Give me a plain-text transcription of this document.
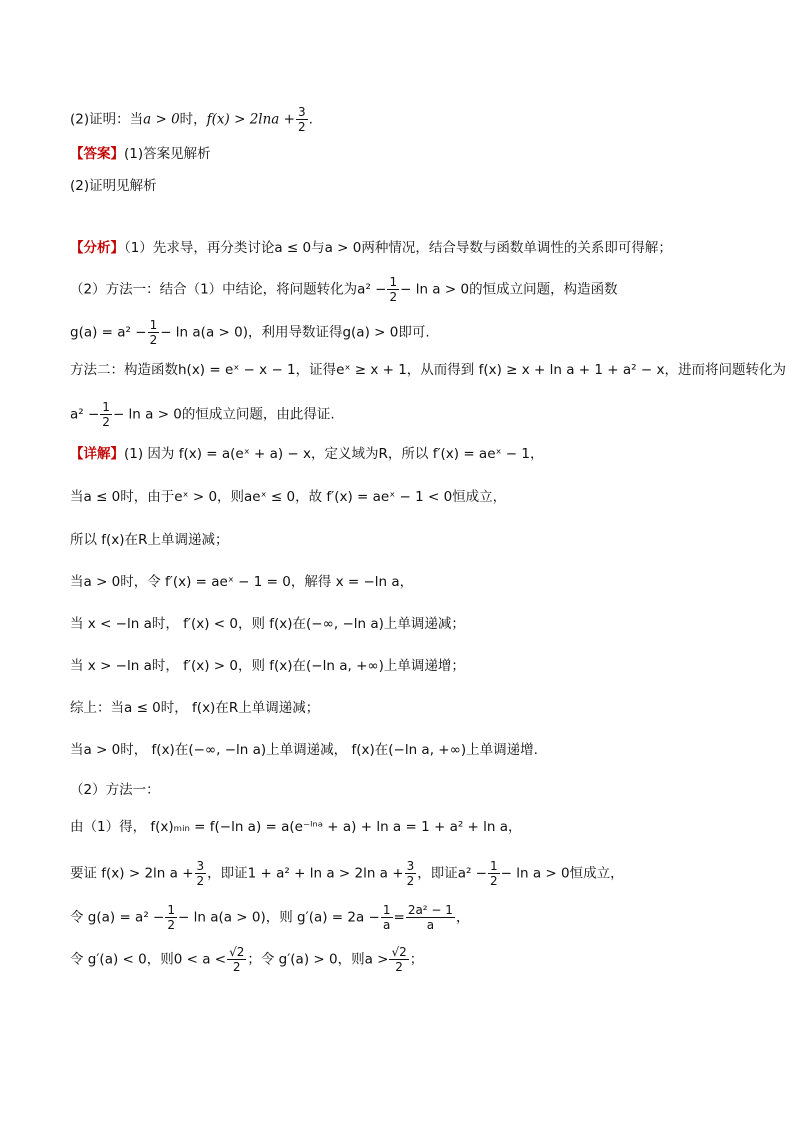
(2)证明：当a > 0时，$f(x) > 2\ln a + \frac{3}{2}$ .
【答案】(1)答案见解析
(2)证明见解析
【分析】（1）先求导，再分类讨论a ≤ 0与a > 0两种情况，结合导数与函数单调性的关系即可得解；
（2）方法一：结合（1）中结论，将问题转化为$a^2 - \frac{1}{2} - \ln a > 0$的恒成立问题，构造函数
$g(a) = a^2 - \frac{1}{2} - \ln a(a > 0)$，利用导数证得g(a) > 0即可.
方法二：构造函数h(x) = eˣ − x − 1，证得eˣ ≥ x + 1，从而得到 f(x) ≥ x + ln a + 1 + a² − x，进而将问题转化为
$a^2 - \frac{1}{2} - \ln a > 0$的恒成立问题，由此得证.
【详解】(1) 因为 f(x) = a(eˣ + a) − x，定义域为R，所以 f′(x) = aeˣ − 1，
当a ≤ 0时，由于eˣ > 0，则aeˣ ≤ 0，故 f′(x) = aeˣ − 1 < 0恒成立，
所以 f(x)在R上单调递减；
当a > 0时，令 f′(x) = aeˣ − 1 = 0，解得 x = −ln a，
当 x < −ln a时， f′(x) < 0，则 f(x)在(−∞, −ln a)上单调递减；
当 x > −ln a时， f′(x) > 0，则 f(x)在(−ln a, +∞)上单调递增；
综上：当a ≤ 0时， f(x)在R上单调递减；
当a > 0时， f(x)在(−∞, −ln a)上单调递减， f(x)在(−ln a, +∞)上单调递增.
（2）方法一：
由（1）得， f(x)ₘᵢₙ = f(−ln a) = a(e⁻ˡⁿᵃ + a) + ln a = 1 + a² + ln a，
要证 f(x) > 2ln $a + \frac{3}{2}$ ，即证1 + a² + ln a > 2ln $a + \frac{3}{2}$ ，即证$a^2 - \frac{1}{2} - \ln a > 0$恒成立，
令 $g(a) = a^2 - \frac{1}{2} - \ln a(a > 0)$，则 $g'(a) = 2a - \frac{1}{a} = \frac{\text{2a² − 1}}{a}$ ，
令 g′(a) < 0，则$0 < a < \frac{√2}{2}$ ；令 g′(a) > 0，则$a > \frac{√2}{2}$ ；
